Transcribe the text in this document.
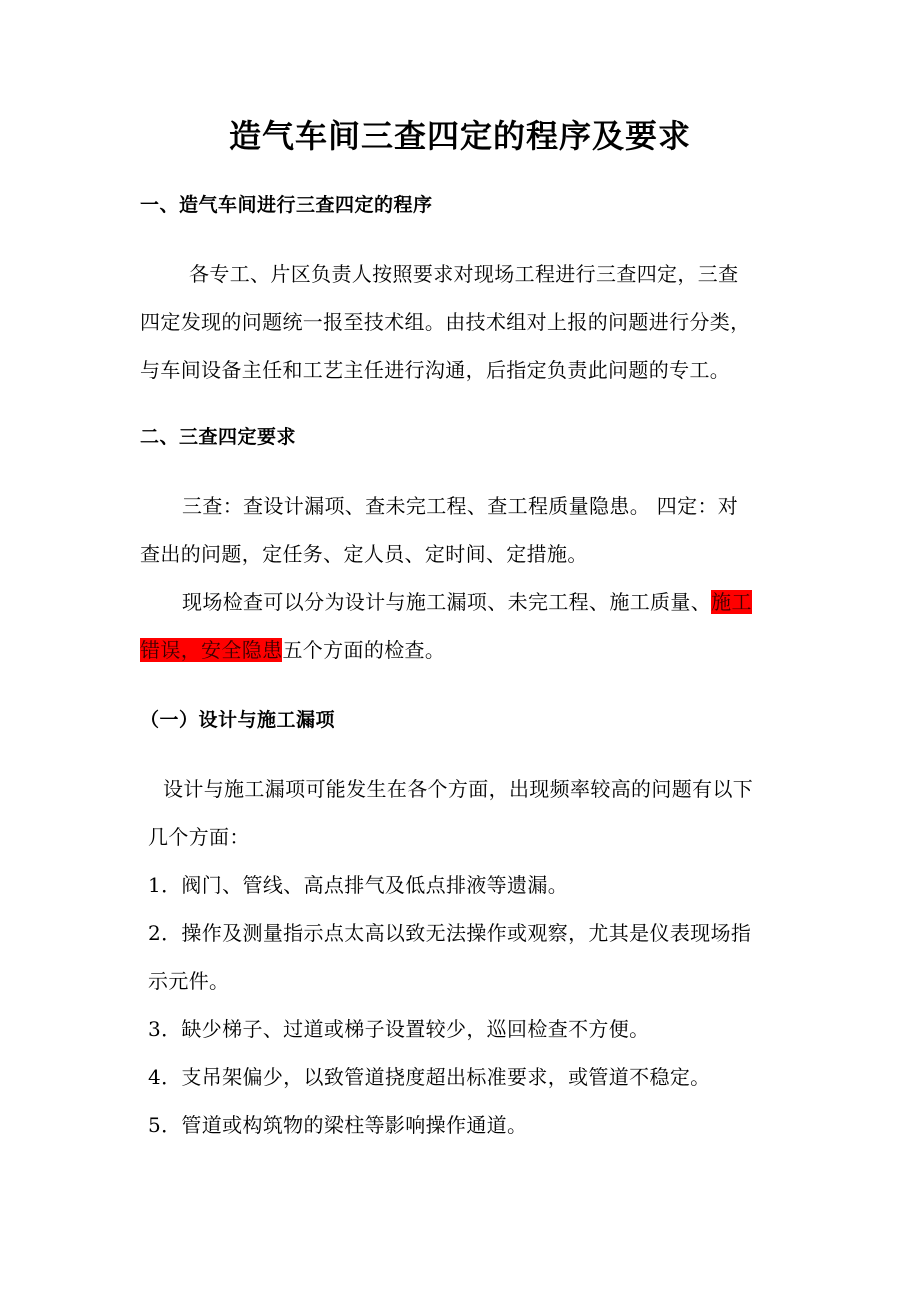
造气车间三查四定的程序及要求
一、造气车间进行三查四定的程序
各专工、片区负责人按照要求对现场工程进行三查四定，三查
四定发现的问题统一报至技术组。由技术组对上报的问题进行分类，
与车间设备主任和工艺主任进行沟通，后指定负责此问题的专工。
二、三查四定要求
三查：查设计漏项、查未完工程、查工程质量隐患。 四定：对
查出的问题，定任务、定人员、定时间、定措施。
现场检查可以分为设计与施工漏项、未完工程、施工质量、施工
错误，安全隐患五个方面的检查。
（一）设计与施工漏项
设计与施工漏项可能发生在各个方面，出现频率较高的问题有以下
几个方面：
1．阀门、管线、高点排气及低点排液等遗漏。
2．操作及测量指示点太高以致无法操作或观察，尤其是仪表现场指
示元件。
3．缺少梯子、过道或梯子设置较少，巡回检查不方便。
4．支吊架偏少，以致管道挠度超出标准要求，或管道不稳定。
5．管道或构筑物的梁柱等影响操作通道。
